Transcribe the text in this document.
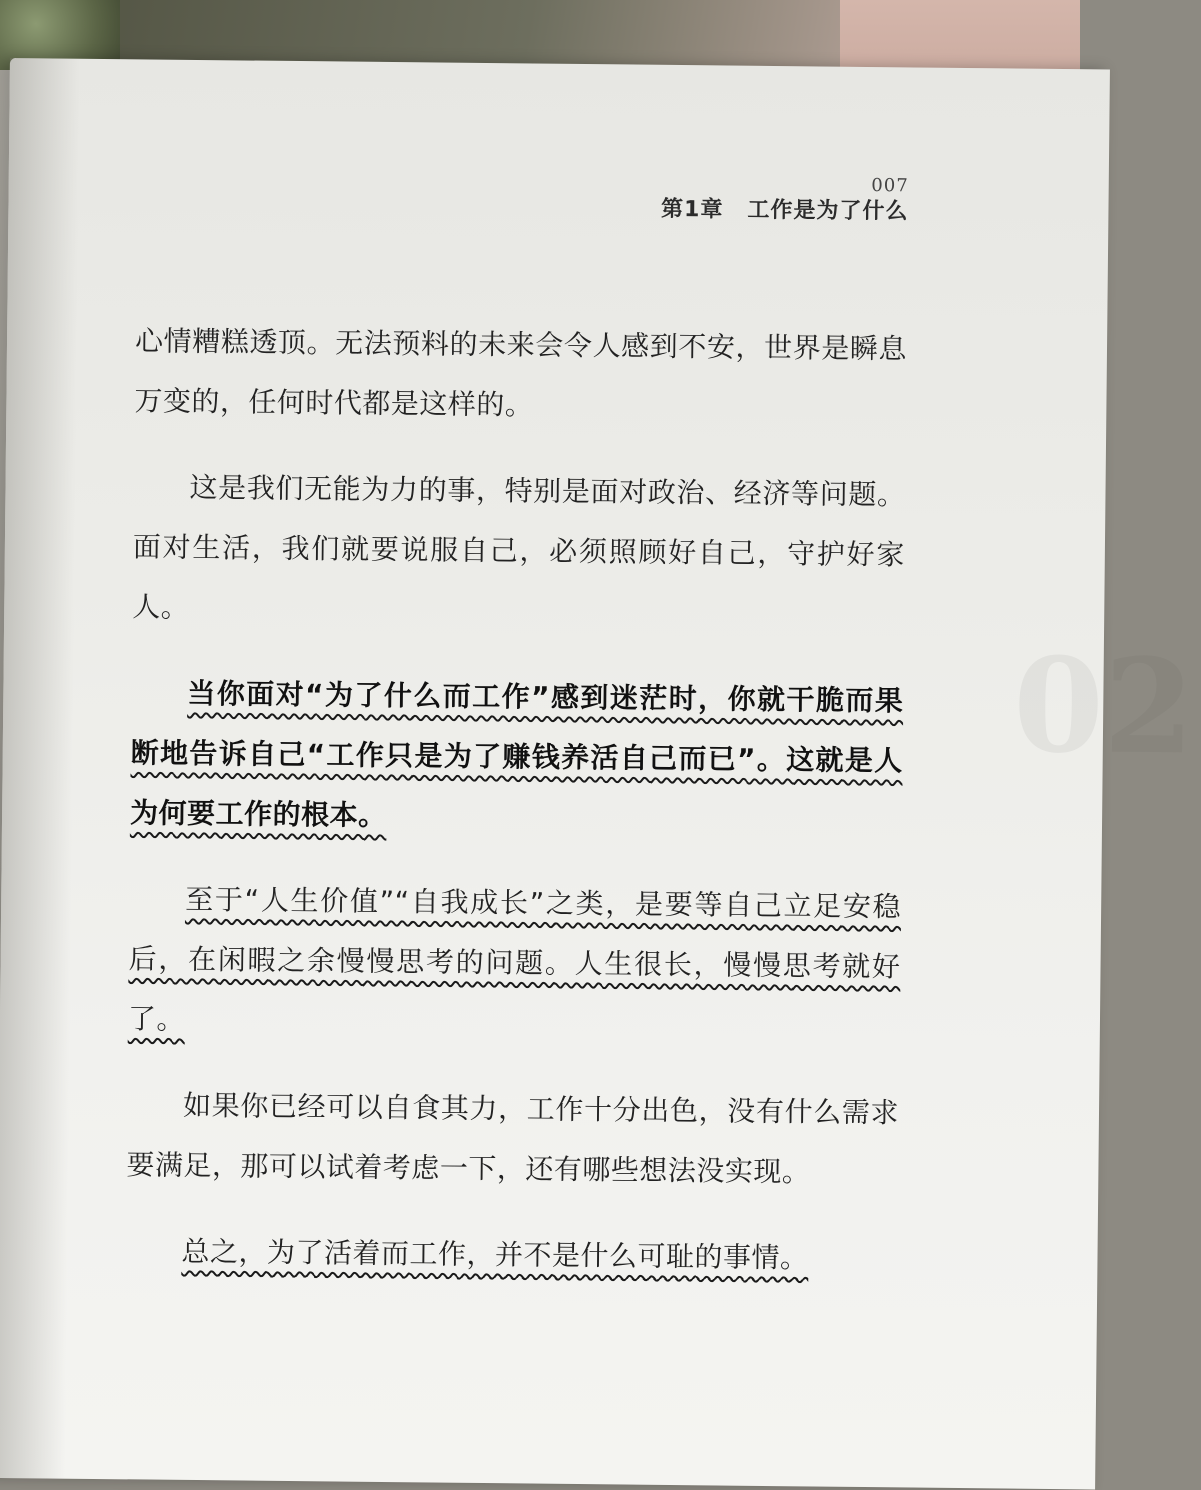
02
007
第1章 工作是为了什么

心情糟糕透顶。无法预料的未来会令人感到不安，世界是瞬息万变的，任何时代都是这样的。

这是我们无能为力的事，特别是面对政治、经济等问题。面对生活，我们就要说服自己，必须照顾好自己，守护好家人。

当你面对“为了什么而工作”感到迷茫时，你就干脆而果断地告诉自己“工作只是为了赚钱养活自己而已”。这就是人为何要工作的根本。

至于“人生价值”“自我成长”之类，是要等自己立足安稳后，在闲暇之余慢慢思考的问题。人生很长，慢慢思考就好了。

如果你已经可以自食其力，工作十分出色，没有什么需求要满足，那可以试着考虑一下，还有哪些想法没实现。

总之，为了活着而工作，并不是什么可耻的事情。
